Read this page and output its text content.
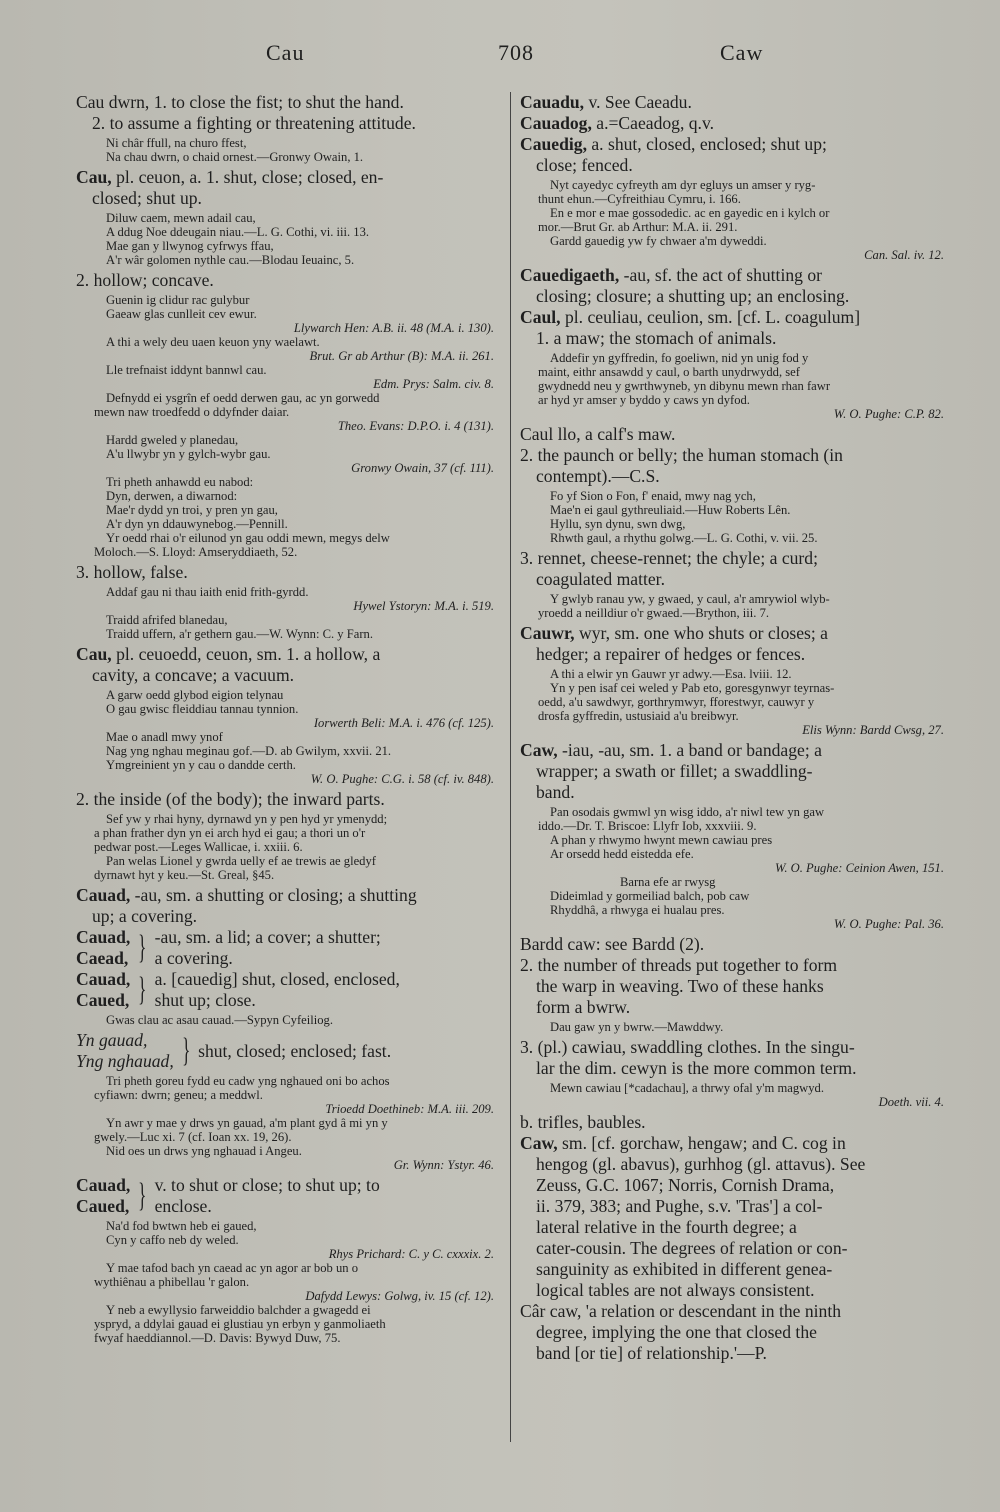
Cau	708	Caw
Cau dwrn, 1. to close the fist; to shut the hand.
2. to assume a fighting or threatening attitude.
Ni châr ffull, na churo ffest,
Na chau dwrn, o chaid ornest.—Gronwy Owain, 1.
Cau, pl. ceuon, a. 1. shut, close; closed, en-
closed; shut up.
Diluw caem, mewn adail cau,
A ddug Noe ddeugain niau.—L. G. Cothi, vi. iii. 13.
Mae gan y llwynog cyfrwys ffau,
A'r wâr golomen nythle cau.—Blodau Ieuainc, 5.
2. hollow; concave.
Guenin ig clidur rac gulybur
Gaeaw glas cunlleit cev ewur.
Llywarch Hen: A.B. ii. 48 (M.A. i. 130).
A thi a wely deu uaen keuon yny waelawt.
Brut. Gr ab Arthur (B): M.A. ii. 261.
Lle trefnaist iddynt bannwl cau.
Edm. Prys: Salm. civ. 8.
Defnydd ei ysgrîn ef oedd derwen gau, ac yn gorwedd
mewn naw troedfedd o ddyfnder daiar.
Theo. Evans: D.P.O. i. 4 (131).
Hardd gweled y planedau,
A'u llwybr yn y gylch-wybr gau.
Gronwy Owain, 37 (cf. 111).
Tri pheth anhawdd eu nabod:
Dyn, derwen, a diwarnod:
Mae'r dydd yn troi, y pren yn gau,
A'r dyn yn ddauwynebog.—Pennill.
Yr oedd rhai o'r eilunod yn gau oddi mewn, megys delw
Moloch.—S. Lloyd: Amseryddiaeth, 52.
3. hollow, false.
Addaf gau ni thau iaith enid frith-gyrdd.
Hywel Ystoryn: M.A. i. 519.
Traidd afrifed blanedau,
Traidd uffern, a'r gethern gau.—W. Wynn: C. y Farn.
Cau, pl. ceuoedd, ceuon, sm. 1. a hollow, a
cavity, a concave; a vacuum.
A garw oedd glybod eigion telynau
O gau gwisc fleiddiau tannau tynnion.
Iorwerth Beli: M.A. i. 476 (cf. 125).
Mae o anadl mwy ynof
Nag yng nghau meginau gof.—D. ab Gwilym, xxvii. 21.
Ymgreinient yn y cau o dandde certh.
W. O. Pughe: C.G. i. 58 (cf. iv. 848).
2. the inside (of the body); the inward parts.
Sef yw y rhai hyny, dyrnawd yn y pen hyd yr ymenydd;
a phan frather dyn yn ei arch hyd ei gau; a thori un o'r
pedwar post.—Leges Wallicae, i. xxiii. 6.
Pan welas Lionel y gwrda uelly ef ae trewis ae gledyf
dyrnawt hyt y keu.—St. Greal, §45.
Cauad, -au, sm. a shutting or closing; a shutting
up; a covering.
Cauad,
Caead, } -au, sm. a lid; a cover; a shutter;
a covering.
Cauad,
Caued, } a. [cauedig] shut, closed, enclosed,
shut up; close.
Gwas clau ac asau cauad.—Sypyn Cyfeiliog.
Yn gauad,
Yng nghauad, } shut, closed; enclosed; fast.
Tri pheth goreu fydd eu cadw yng nghaued oni bo achos
cyfiawn: dwrn; geneu; a meddwl.
Trioedd Doethineb: M.A. iii. 209.
Yn awr y mae y drws yn gauad, a'm plant gyd â mi yn y
gwely.—Luc xi. 7 (cf. Ioan xx. 19, 26).
Nid oes un drws yng nghauad i Angeu.
Gr. Wynn: Ystyr. 46.
Cauad,
Caued, } v. to shut or close; to shut up; to
enclose.
Na'd fod bwtwn heb ei gaued,
Cyn y caffo neb dy weled.
Rhys Prichard: C. y C. cxxxix. 2.
Y mae tafod bach yn caead ac yn agor ar bob un o
wythiênau a phibellau 'r galon.
Dafydd Lewys: Golwg, iv. 15 (cf. 12).
Y neb a ewyllysio farweiddio balchder a gwagedd ei
yspryd, a ddylai gauad ei glustiau yn erbyn y ganmoliaeth
fwyaf haeddiannol.—D. Davis: Bywyd Duw, 75.
Cauadu, v. See Caeadu.
Cauadog, a.=Caeadog, q.v.
Cauedig, a. shut, closed, enclosed; shut up;
close; fenced.
Nyt cayedyc cyfreyth am dyr egluys un amser y ryg-
thunt ehun.—Cyfreithiau Cymru, i. 166.
En e mor e mae gossodedic. ac en gayedic en i kylch or
mor.—Brut Gr. ab Arthur: M.A. ii. 291.
Gardd gauedig yw fy chwaer a'm dyweddi.
Can. Sal. iv. 12.
Cauedigaeth, -au, sf. the act of shutting or
closing; closure; a shutting up; an enclosing.
Caul, pl. ceuliau, ceulion, sm. [cf. L. coagulum]
1. a maw; the stomach of animals.
Addefir yn gyffredin, fo goeliwn, nid yn unig fod y
maint, eithr ansawdd y caul, o barth unydrwydd, sef
gwydnedd neu y gwrthwyneb, yn dibynu mewn rhan fawr
ar hyd yr amser y byddo y caws yn dyfod.
W. O. Pughe: C.P. 82.
Caul llo, a calf's maw.
2. the paunch or belly; the human stomach (in
contempt).—C.S.
Fo yf Sion o Fon, f' enaid, mwy nag ych,
Mae'n ei gaul gythreuliaid.—Huw Roberts Lên.
Hyllu, syn dynu, swn dwg,
Rhwth gaul, a rhythu golwg.—L. G. Cothi, v. vii. 25.
3. rennet, cheese-rennet; the chyle; a curd;
coagulated matter.
Y gwlyb ranau yw, y gwaed, y caul, a'r amrywiol wlyb-
yroedd a neilldiur o'r gwaed.—Brython, iii. 7.
Cauwr, wyr, sm. one who shuts or closes; a
hedger; a repairer of hedges or fences.
A thi a elwir yn Gauwr yr adwy.—Esa. lviii. 12.
Yn y pen isaf cei weled y Pab eto, goresgynwyr teyrnas-
oedd, a'u sawdwyr, gorthrymwyr, fforestwyr, cauwyr y
drosfa gyffredin, ustusiaid a'u breibwyr.
Elis Wynn: Bardd Cwsg, 27.
Caw, -iau, -au, sm. 1. a band or bandage; a
wrapper; a swath or fillet; a swaddling-
band.
Pan osodais gwmwl yn wisg iddo, a'r niwl tew yn gaw
iddo.—Dr. T. Briscoe: Llyfr Iob, xxxviii. 9.
A phan y rhwymo hwynt mewn cawiau pres
Ar orsedd hedd eistedda efe.
W. O. Pughe: Ceinion Awen, 151.
Barna efe ar rwysg
Dideimlad y gormeiliad balch, pob caw
Rhyddhâ, a rhwyga ei hualau pres.
W. O. Pughe: Pal. 36.
Bardd caw: see Bardd (2).
2. the number of threads put together to form
the warp in weaving. Two of these hanks
form a bwrw.
Dau gaw yn y bwrw.—Mawddwy.
3. (pl.) cawiau, swaddling clothes. In the singu-
lar the dim. cewyn is the more common term.
Mewn cawiau [*cadachau], a thrwy ofal y'm magwyd.
Doeth. vii. 4.
b. trifles, baubles.
Caw, sm. [cf. gorchaw, hengaw; and C. cog in
hengog (gl. abavus), gurhhog (gl. attavus). See
Zeuss, G.C. 1067; Norris, Cornish Drama,
ii. 379, 383; and Pughe, s.v. 'Tras'] a col-
lateral relative in the fourth degree; a
cater-cousin. The degrees of relation or con-
sanguinity as exhibited in different genea-
logical tables are not always consistent.
Câr caw, 'a relation or descendant in the ninth
degree, implying the one that closed the
band [or tie] of relationship.'—P.
